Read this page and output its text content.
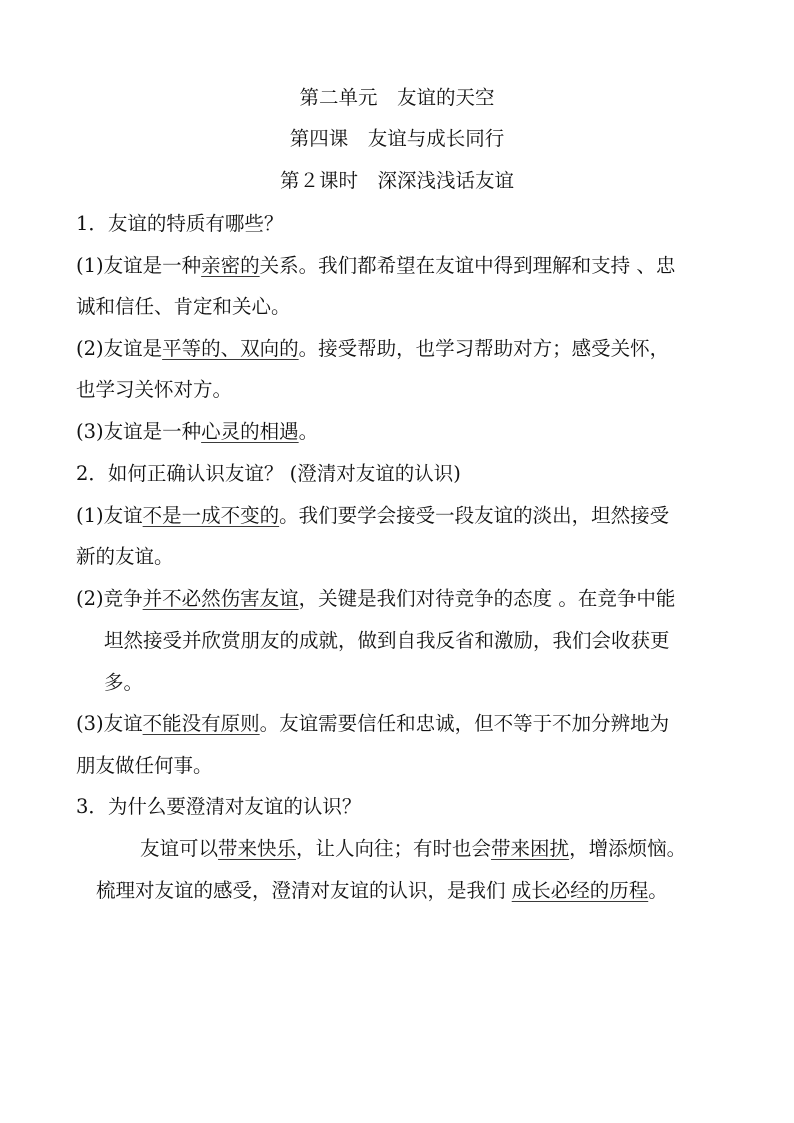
第二单元　友谊的天空
第四课　友谊与成长同行
第２课时　深深浅浅话友谊
1．友谊的特质有哪些？
(1)友谊是一种亲密的关系。我们都希望在友谊中得到理解和支持 、忠
诚和信任、肯定和关心。
(2)友谊是平等的、双向的。接受帮助，也学习帮助对方；感受关怀，
也学习关怀对方。
(3)友谊是一种心灵的相遇。
2．如何正确认识友谊？ (澄清对友谊的认识)
(1)友谊不是一成不变的。我们要学会接受一段友谊的淡出，坦然接受
新的友谊。
(2)竞争并不必然伤害友谊，关键是我们对待竞争的态度 。在竞争中能
坦然接受并欣赏朋友的成就，做到自我反省和激励，我们会收获更
多。
(3)友谊不能没有原则。友谊需要信任和忠诚，但不等于不加分辨地为
朋友做任何事。
3．为什么要澄清对友谊的认识？
友谊可以带来快乐，让人向往；有时也会带来困扰，增添烦恼。
梳理对友谊的感受，澄清对友谊的认识，是我们 成长必经的历程。
